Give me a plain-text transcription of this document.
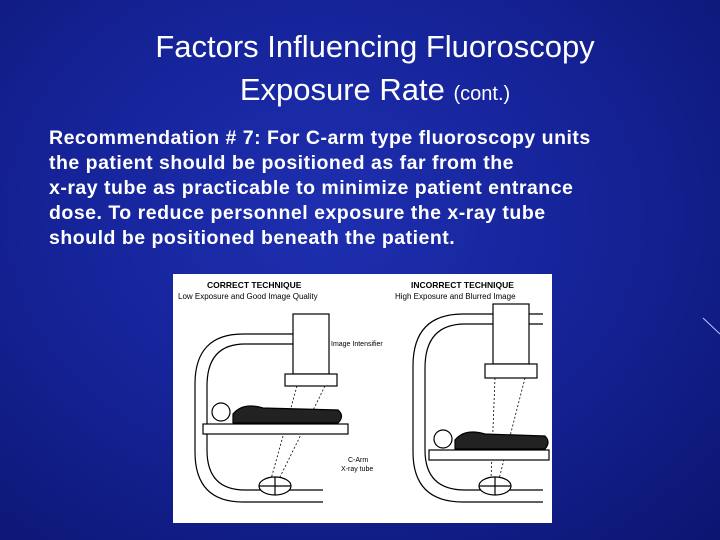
Factors Influencing Fluoroscopy
Exposure Rate (cont.)
Recommendation # 7: For C-arm type fluoroscopy units
the patient should be positioned as far from the
x-ray tube as practicable to minimize patient entrance
dose. To reduce personnel exposure the x-ray tube
should be positioned beneath the patient.
CORRECT TECHNIQUE
Low Exposure and Good Image Quality
INCORRECT TECHNIQUE
High Exposure and Blurred Image
Image Intensifier
C-Arm
X-ray tube
